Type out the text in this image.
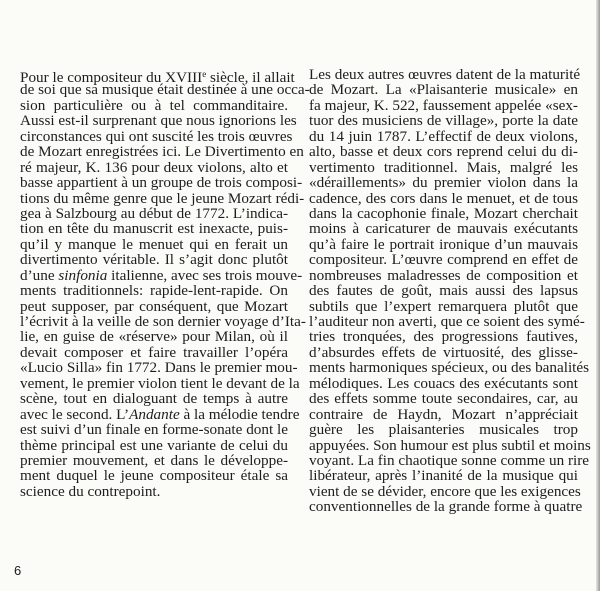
Pour le compositeur du XVIIIe siècle, il allait
de soi que sa musique était destinée à une occa-
sion particulière ou à tel commanditaire.
Aussi est-il surprenant que nous ignorions les
circonstances qui ont suscité les trois œuvres
de Mozart enregistrées ici. Le Divertimento en
ré majeur, K. 136 pour deux violons, alto et
basse appartient à un groupe de trois composi-
tions du même genre que le jeune Mozart rédi-
gea à Salzbourg au début de 1772. L’indica-
tion en tête du manuscrit est inexacte, puis-
qu’il y manque le menuet qui en ferait un
divertimento véritable. Il s’agit donc plutôt
d’une sinfonia italienne, avec ses trois mouve-
ments traditionnels: rapide-lent-rapide. On
peut supposer, par conséquent, que Mozart
l’écrivit à la veille de son dernier voyage d’Ita-
lie, en guise de «réserve» pour Milan, où il
devait composer et faire travailler l’opéra
«Lucio Silla» fin 1772. Dans le premier mou-
vement, le premier violon tient le devant de la
scène, tout en dialoguant de temps à autre
avec le second. L’Andante à la mélodie tendre
est suivi d’un finale en forme-sonate dont le
thème principal est une variante de celui du
premier mouvement, et dans le développe-
ment duquel le jeune compositeur étale sa
science du contrepoint.
Les deux autres œuvres datent de la maturité
de Mozart. La «Plaisanterie musicale» en
fa majeur, K. 522, faussement appelée «sex-
tuor des musiciens de village», porte la date
du 14 juin 1787. L’effectif de deux violons,
alto, basse et deux cors reprend celui du di-
vertimento traditionnel. Mais, malgré les
«déraillements» du premier violon dans la
cadence, des cors dans le menuet, et de tous
dans la cacophonie finale, Mozart cherchait
moins à caricaturer de mauvais exécutants
qu’à faire le portrait ironique d’un mauvais
compositeur. L’œuvre comprend en effet de
nombreuses maladresses de composition et
des fautes de goût, mais aussi des lapsus
subtils que l’expert remarquera plutôt que
l’auditeur non averti, que ce soient des symé-
tries tronquées, des progressions fautives,
d’absurdes effets de virtuosité, des glisse-
ments harmoniques spécieux, ou des banalités
mélodiques. Les couacs des exécutants sont
des effets somme toute secondaires, car, au
contraire de Haydn, Mozart n’appréciait
guère les plaisanteries musicales trop
appuyées. Son humour est plus subtil et moins
voyant. La fin chaotique sonne comme un rire
libérateur, après l’inanité de la musique qui
vient de se dévider, encore que les exigences
conventionnelles de la grande forme à quatre
6
